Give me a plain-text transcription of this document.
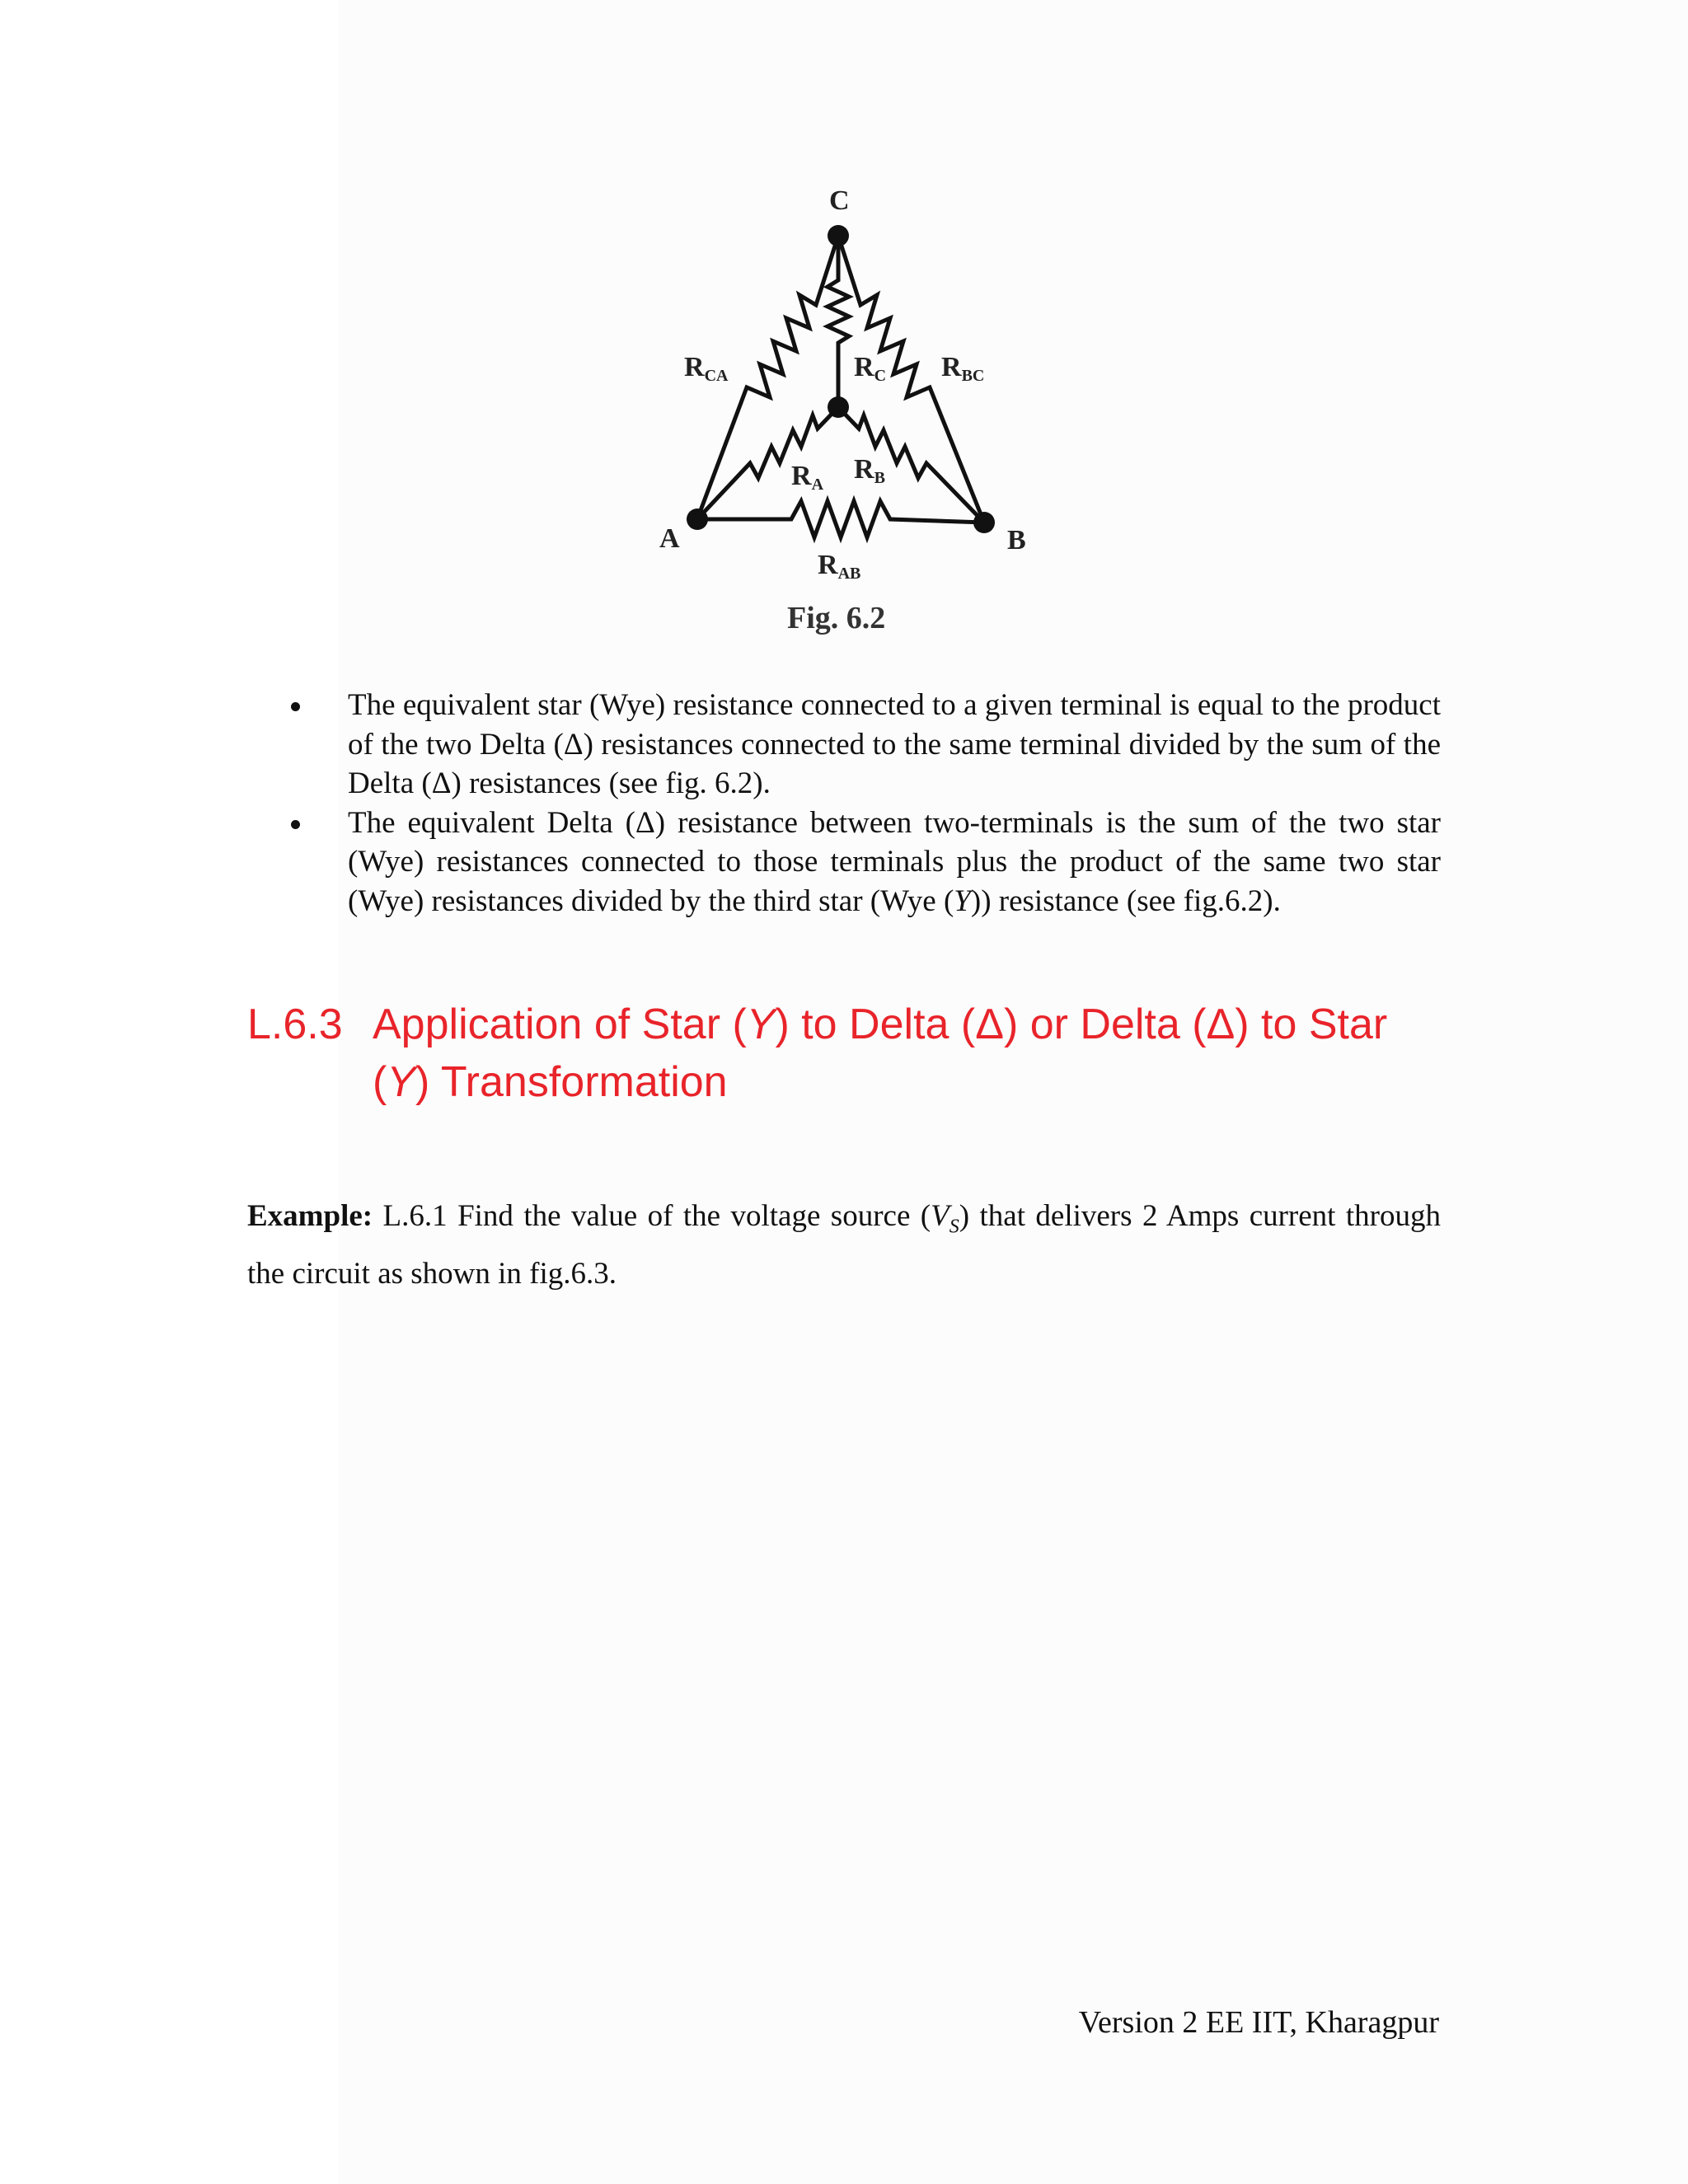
C
A	B
RCA	RBC
RC
RA RB
RAB
Fig. 6.2
The equivalent star (Wye) resistance connected to a given terminal is equal to the product of the two Delta (Δ) resistances connected to the same terminal divided by the sum of the Delta (Δ) resistances (see fig. 6.2).
The equivalent Delta (Δ) resistance between two-terminals is the sum of the two star (Wye) resistances connected to those terminals plus the product of the same two star (Wye) resistances divided by the third star (Wye (Y)) resistance (see fig.6.2).
L.6.3 Application of Star (Y) to Delta (Δ) or Delta (Δ) to Star
(Y) Transformation

Example: L.6.1 Find the value of the voltage source $(V_S)$ that delivers 2 Amps current through the circuit as shown in fig.6.3.

Version 2 EE IIT, Kharagpur
